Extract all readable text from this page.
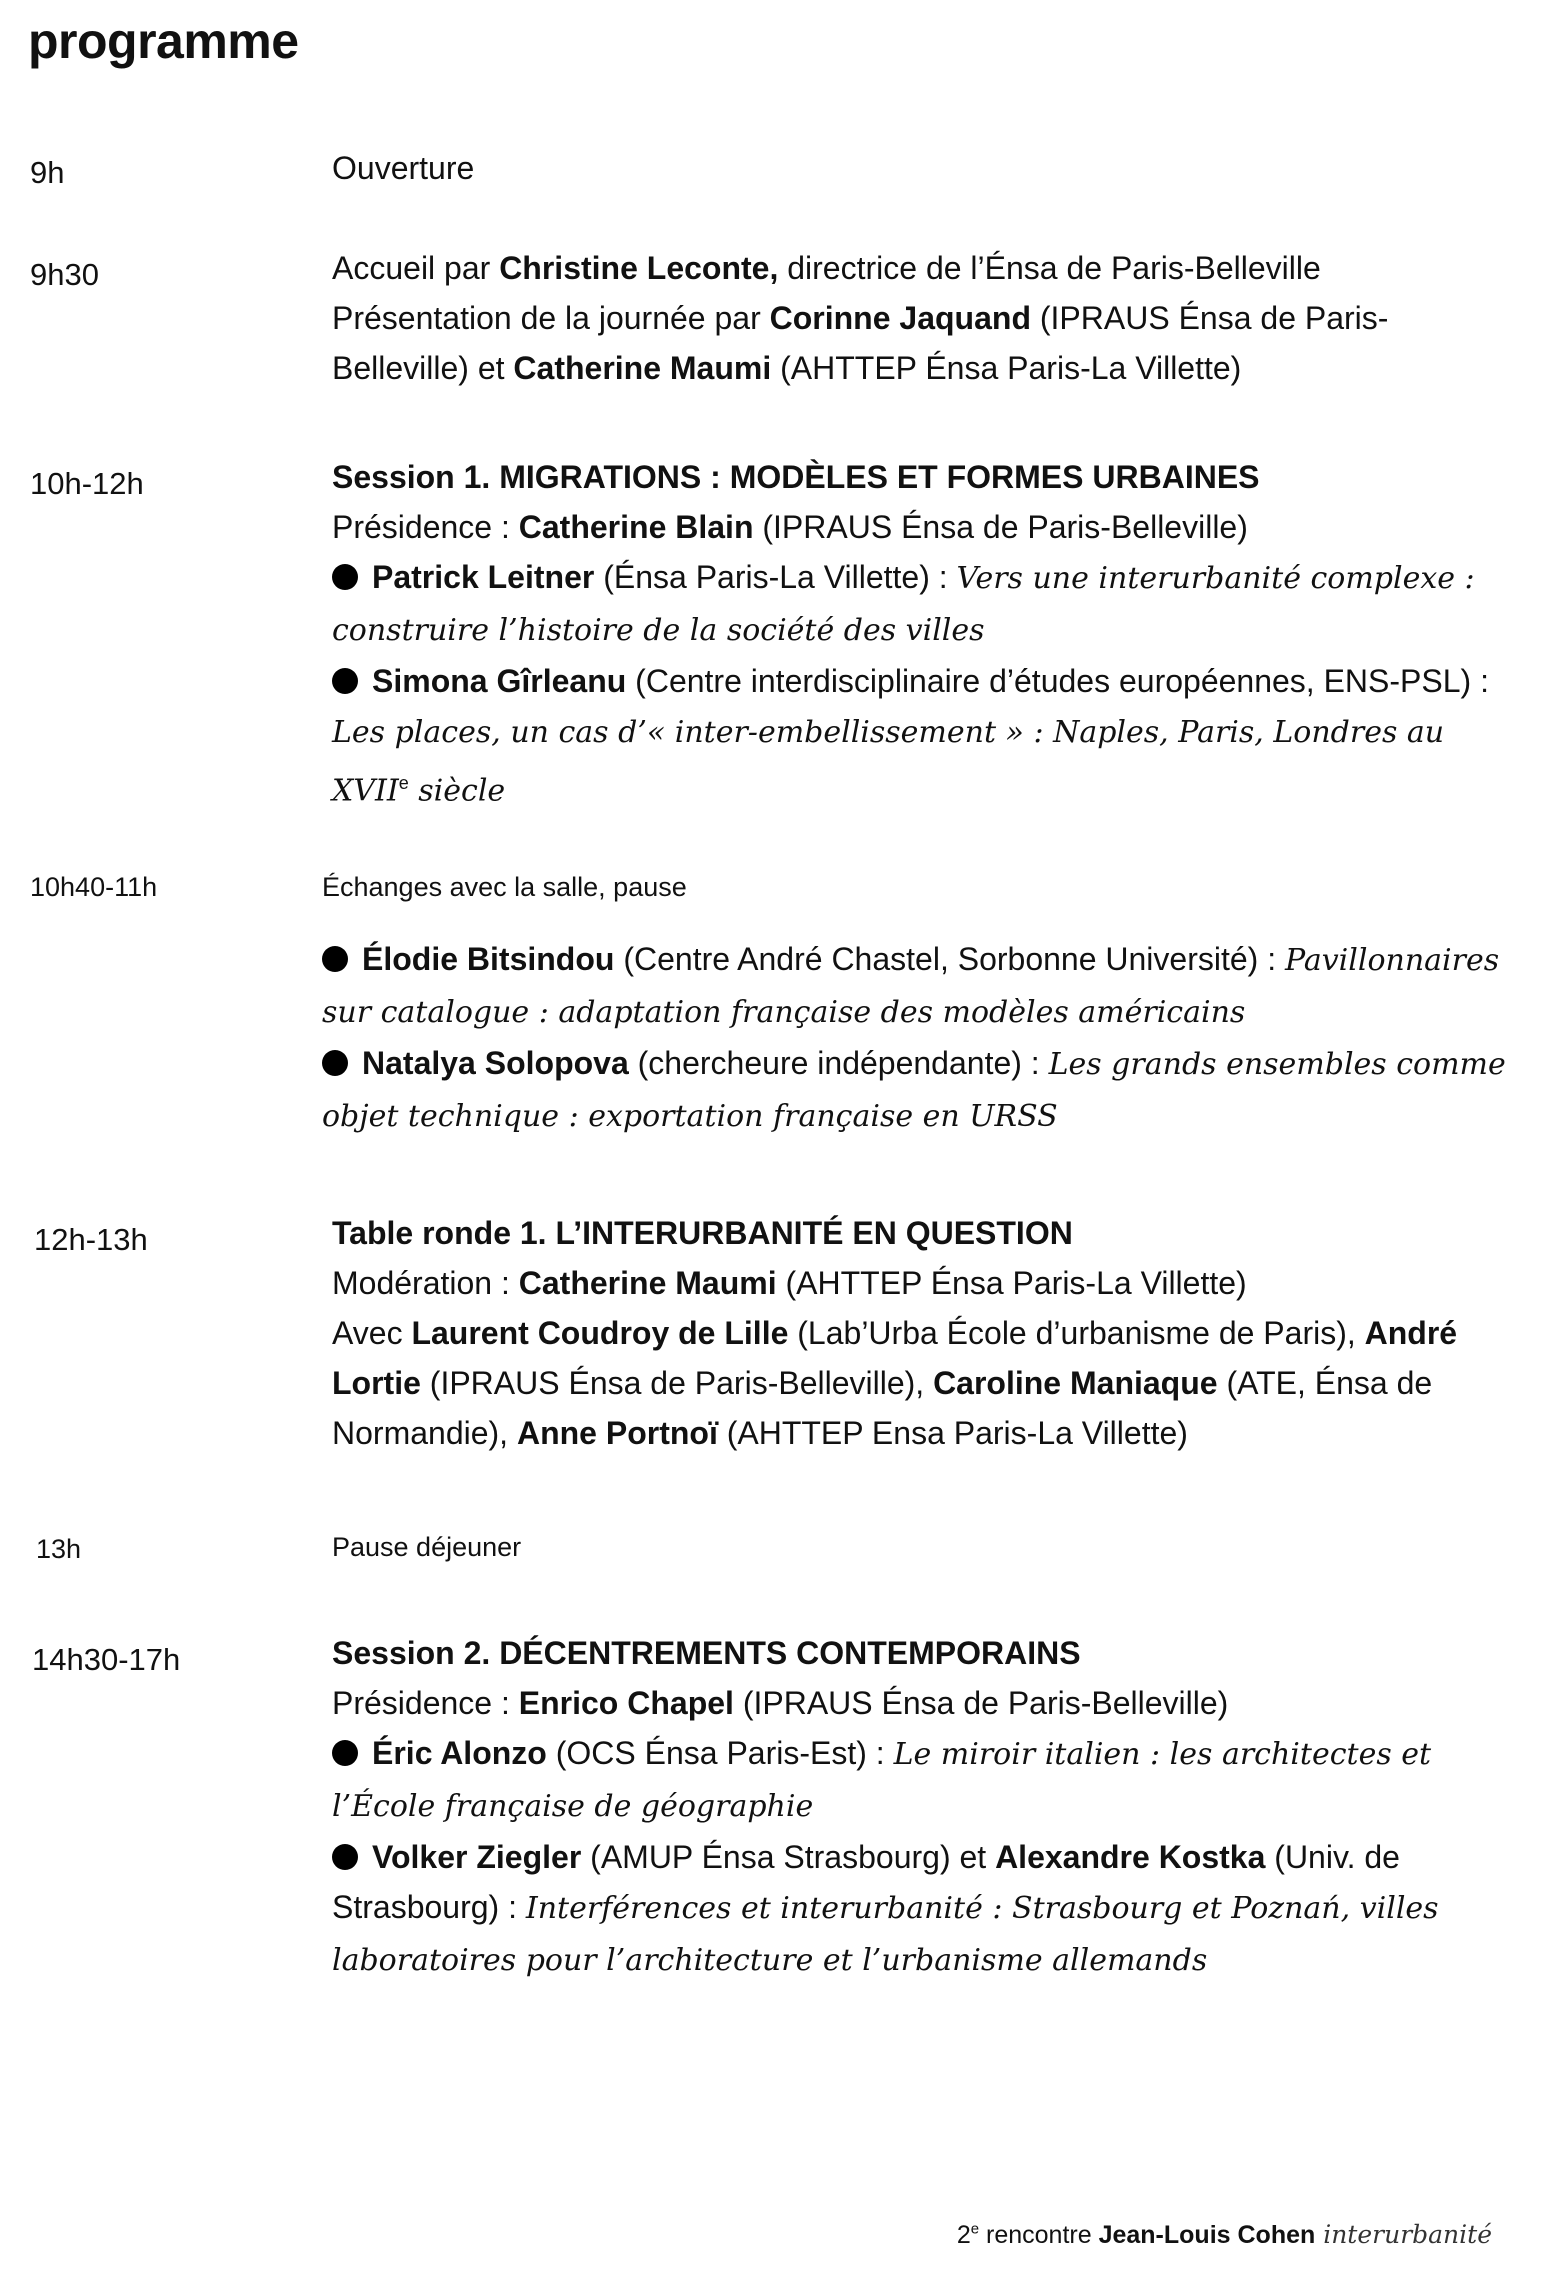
programme
9h	Ouverture

9h30	Accueil par Christine Leconte, directrice de l’Énsa de Paris-Belleville

Présentation de la journée par Corinne Jaquand (IPRAUS Énsa de Paris- Belleville) et Catherine Maumi (AHTTEP Énsa Paris-La Villette)

10h-12h	Session 1. MIGRATIONS : MODÈLES ET FORMES URBAINES

Présidence : Catherine Blain (IPRAUS Énsa de Paris-Belleville)

Patrick Leitner (Énsa Paris-La Villette) : Vers une interurbanité complexe : construire l’histoire de la société des villes

Simona Gîrleanu (Centre interdisciplinaire d’études européennes, ENS-PSL) : Les places, un cas d’« inter-embellissement » : Naples, Paris, Londres au XVIIe siècle

10h40-11h	Échanges avec la salle, pause

Élodie Bitsindou (Centre André Chastel, Sorbonne Université) : Pavillonnaires sur catalogue : adaptation française des modèles américains

Natalya Solopova (chercheure indépendante) : Les grands ensembles comme objet technique : exportation française en URSS

12h-13h	Table ronde 1. L’INTERURBANITÉ EN QUESTION

Modération : Catherine Maumi (AHTTEP Énsa Paris-La Villette)

Avec Laurent Coudroy de Lille (Lab’Urba École d’urbanisme de Paris), André Lortie (IPRAUS Énsa de Paris-Belleville), Caroline Maniaque (ATE, Énsa de Normandie), Anne Portnoï (AHTTEP Ensa Paris-La Villette)

13h	Pause déjeuner

14h30-17h	Session 2. DÉCENTREMENTS CONTEMPORAINS

Présidence : Enrico Chapel (IPRAUS Énsa de Paris-Belleville)

Éric Alonzo (OCS Énsa Paris-Est) : Le miroir italien : les architectes et l’École française de géographie

Volker Ziegler (AMUP Énsa Strasbourg) et Alexandre Kostka (Univ. de Strasbourg) : Interférences et interurbanité : Strasbourg et Poznań, villes laboratoires pour l’architecture et l’urbanisme allemands

2e rencontre Jean-Louis Cohen interurbanité
